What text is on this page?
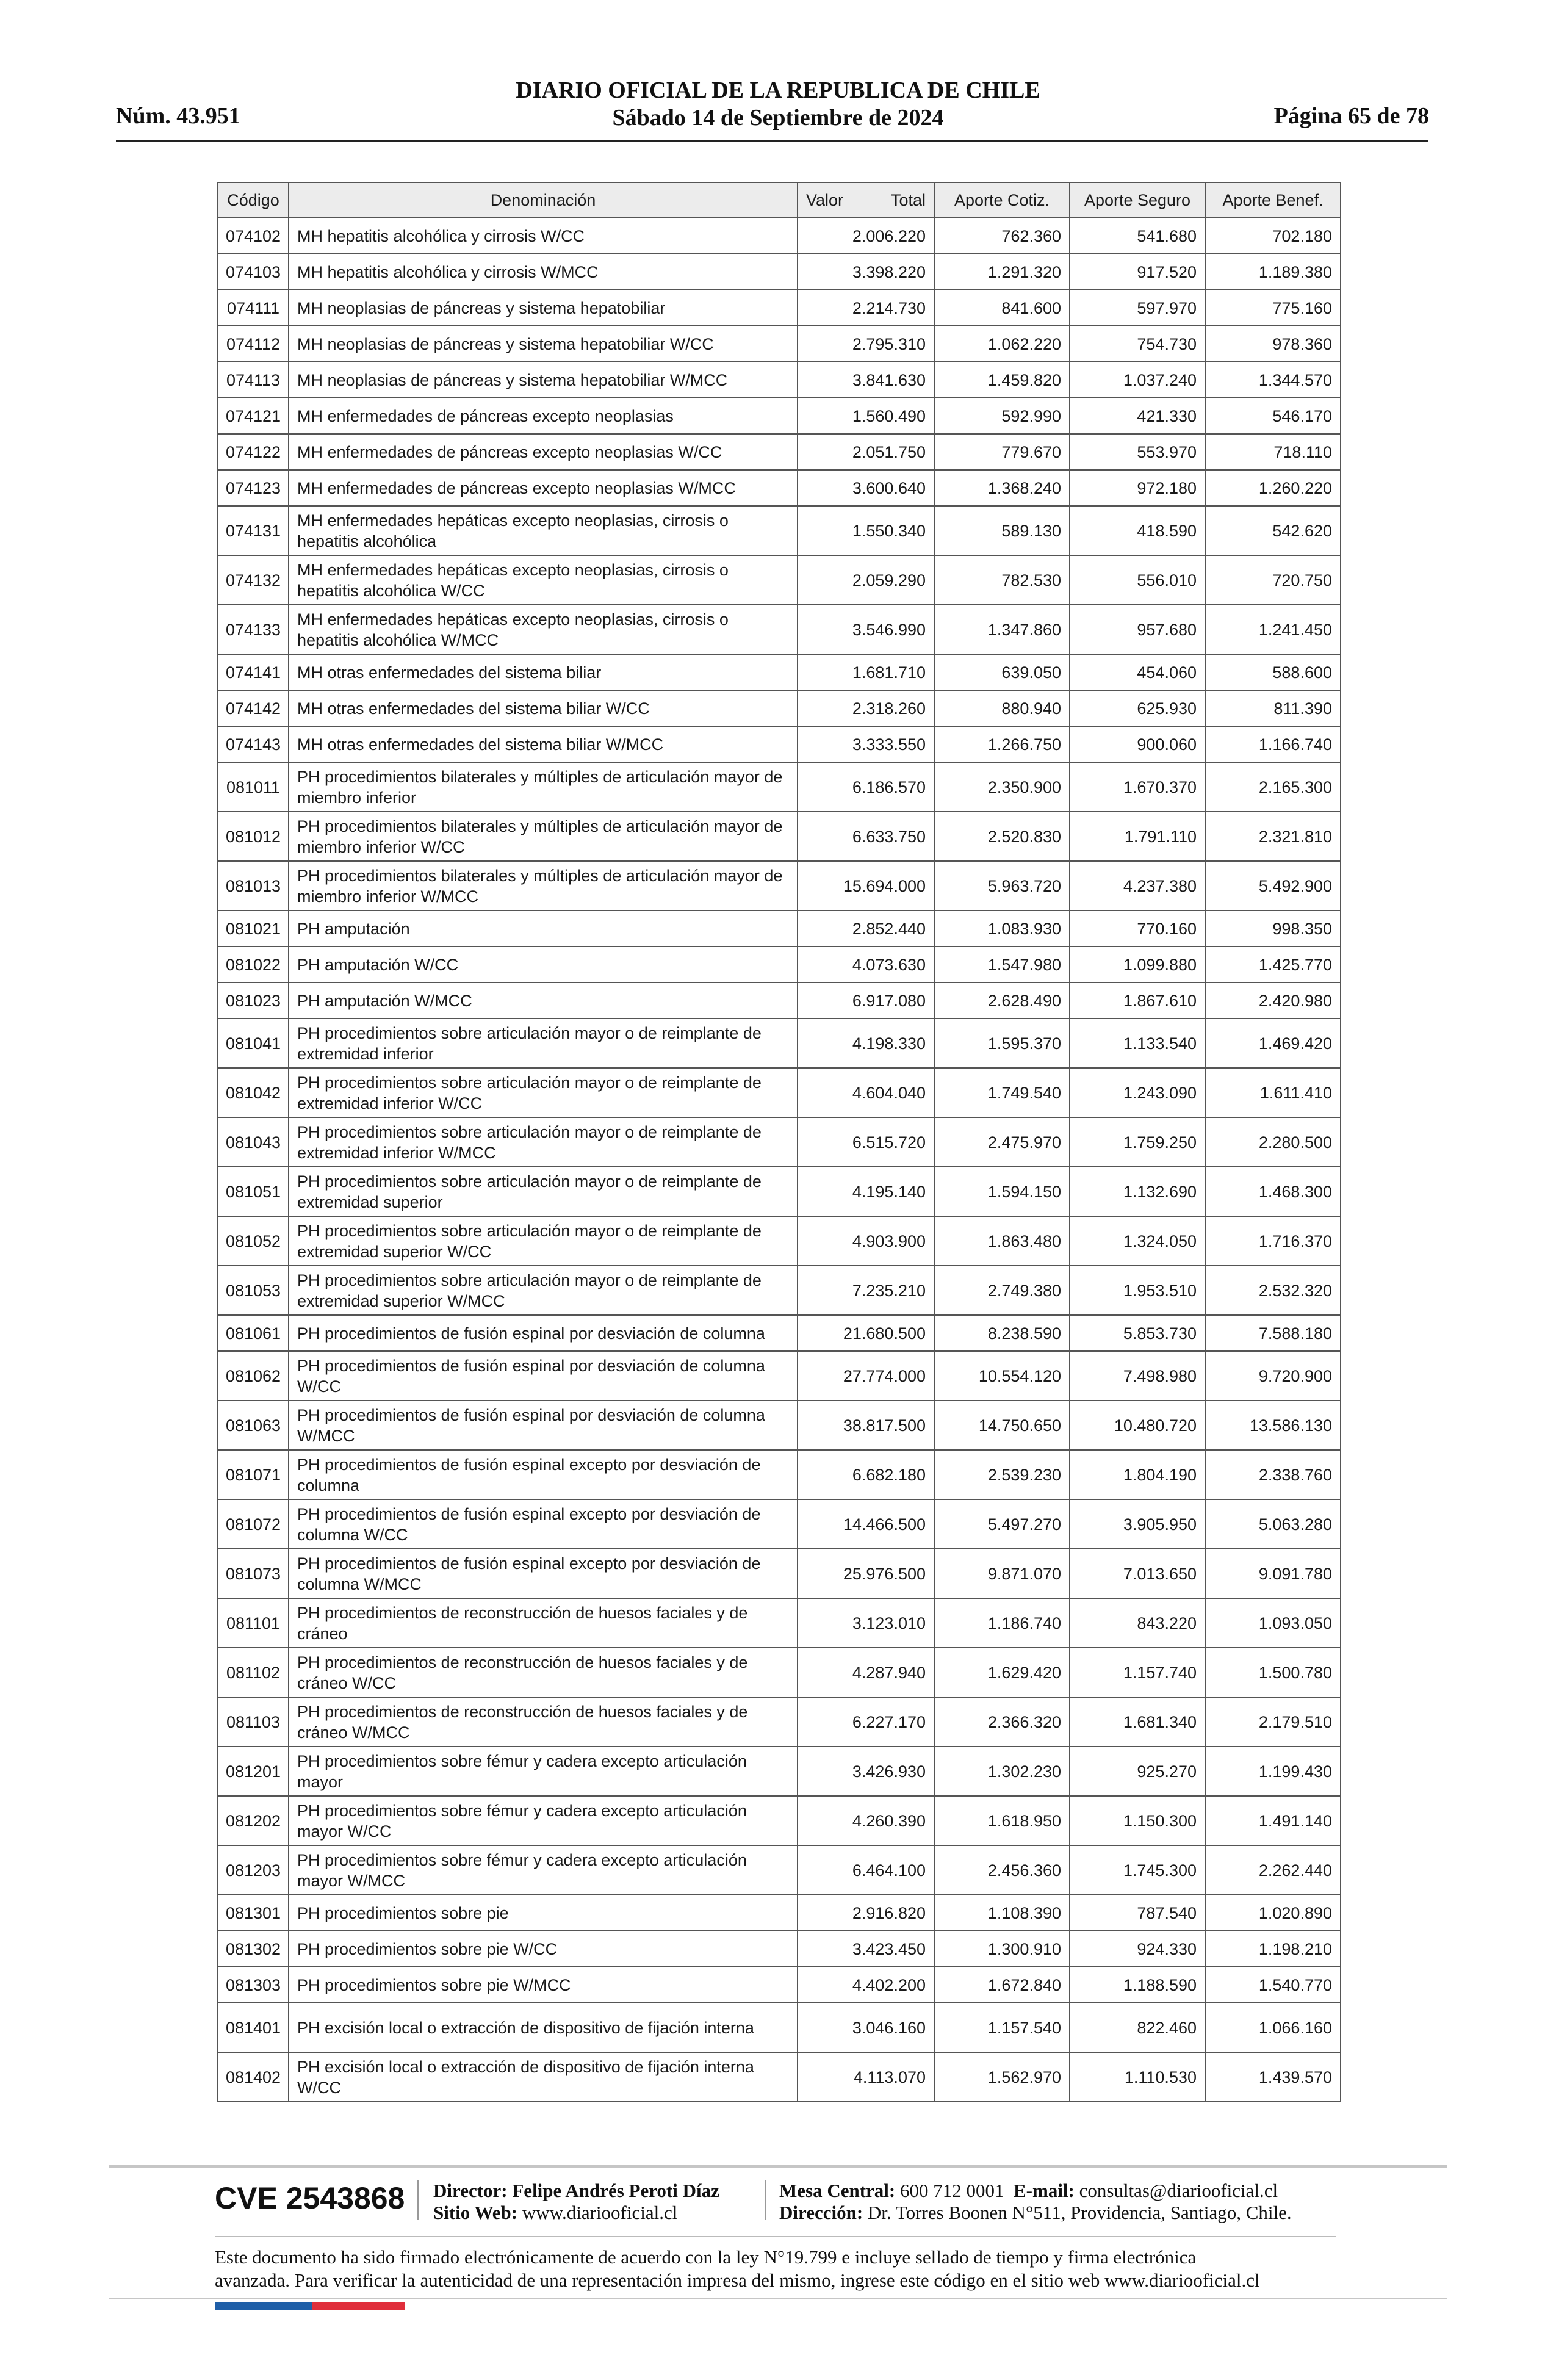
Núm. 43.951
DIARIO OFICIAL DE LA REPUBLICA DE CHILE
Sábado 14 de Septiembre de 2024	Página 65 de 78
Código	Denominación	Valor Total	Aporte Cotiz.	Aporte Seguro	Aporte Benef.
074102	MH hepatitis alcohólica y cirrosis W/CC	2.006.220	762.360	541.680	702.180
074103	MH hepatitis alcohólica y cirrosis W/MCC	3.398.220	1.291.320	917.520	1.189.380
074111	MH neoplasias de páncreas y sistema hepatobiliar	2.214.730	841.600	597.970	775.160
074112	MH neoplasias de páncreas y sistema hepatobiliar W/CC	2.795.310	1.062.220	754.730	978.360
074113	MH neoplasias de páncreas y sistema hepatobiliar W/MCC	3.841.630	1.459.820	1.037.240	1.344.570
074121	MH enfermedades de páncreas excepto neoplasias	1.560.490	592.990	421.330	546.170
074122	MH enfermedades de páncreas excepto neoplasias W/CC	2.051.750	779.670	553.970	718.110
074123	MH enfermedades de páncreas excepto neoplasias W/MCC	3.600.640	1.368.240	972.180	1.260.220
074131	MH enfermedades hepáticas excepto neoplasias, cirrosis o hepatitis alcohólica	1.550.340	589.130	418.590	542.620
074132	MH enfermedades hepáticas excepto neoplasias, cirrosis o hepatitis alcohólica W/CC	2.059.290	782.530	556.010	720.750
074133	MH enfermedades hepáticas excepto neoplasias, cirrosis o hepatitis alcohólica W/MCC	3.546.990	1.347.860	957.680	1.241.450
074141	MH otras enfermedades del sistema biliar	1.681.710	639.050	454.060	588.600
074142	MH otras enfermedades del sistema biliar W/CC	2.318.260	880.940	625.930	811.390
074143	MH otras enfermedades del sistema biliar W/MCC	3.333.550	1.266.750	900.060	1.166.740
081011	PH procedimientos bilaterales y múltiples de articulación mayor de miembro inferior	6.186.570	2.350.900	1.670.370	2.165.300
081012	PH procedimientos bilaterales y múltiples de articulación mayor de miembro inferior W/CC	6.633.750	2.520.830	1.791.110	2.321.810
081013	PH procedimientos bilaterales y múltiples de articulación mayor de miembro inferior W/MCC	15.694.000	5.963.720	4.237.380	5.492.900
081021	PH amputación	2.852.440	1.083.930	770.160	998.350
081022	PH amputación W/CC	4.073.630	1.547.980	1.099.880	1.425.770
081023	PH amputación W/MCC	6.917.080	2.628.490	1.867.610	2.420.980
081041	PH procedimientos sobre articulación mayor o de reimplante de extremidad inferior	4.198.330	1.595.370	1.133.540	1.469.420
081042	PH procedimientos sobre articulación mayor o de reimplante de extremidad inferior W/CC	4.604.040	1.749.540	1.243.090	1.611.410
081043	PH procedimientos sobre articulación mayor o de reimplante de extremidad inferior W/MCC	6.515.720	2.475.970	1.759.250	2.280.500
081051	PH procedimientos sobre articulación mayor o de reimplante de extremidad superior	4.195.140	1.594.150	1.132.690	1.468.300
081052	PH procedimientos sobre articulación mayor o de reimplante de extremidad superior W/CC	4.903.900	1.863.480	1.324.050	1.716.370
081053	PH procedimientos sobre articulación mayor o de reimplante de extremidad superior W/MCC	7.235.210	2.749.380	1.953.510	2.532.320
081061	PH procedimientos de fusión espinal por desviación de columna	21.680.500	8.238.590	5.853.730	7.588.180
081062	PH procedimientos de fusión espinal por desviación de columna W/CC	27.774.000	10.554.120	7.498.980	9.720.900
081063	PH procedimientos de fusión espinal por desviación de columna W/MCC	38.817.500	14.750.650	10.480.720	13.586.130
081071	PH procedimientos de fusión espinal excepto por desviación de columna	6.682.180	2.539.230	1.804.190	2.338.760
081072	PH procedimientos de fusión espinal excepto por desviación de columna W/CC	14.466.500	5.497.270	3.905.950	5.063.280
081073	PH procedimientos de fusión espinal excepto por desviación de columna W/MCC	25.976.500	9.871.070	7.013.650	9.091.780
081101	PH procedimientos de reconstrucción de huesos faciales y de cráneo	3.123.010	1.186.740	843.220	1.093.050
081102	PH procedimientos de reconstrucción de huesos faciales y de cráneo W/CC	4.287.940	1.629.420	1.157.740	1.500.780
081103	PH procedimientos de reconstrucción de huesos faciales y de cráneo W/MCC	6.227.170	2.366.320	1.681.340	2.179.510
081201	PH procedimientos sobre fémur y cadera excepto articulación mayor	3.426.930	1.302.230	925.270	1.199.430
081202	PH procedimientos sobre fémur y cadera excepto articulación mayor W/CC	4.260.390	1.618.950	1.150.300	1.491.140
081203	PH procedimientos sobre fémur y cadera excepto articulación mayor W/MCC	6.464.100	2.456.360	1.745.300	2.262.440
081301	PH procedimientos sobre pie	2.916.820	1.108.390	787.540	1.020.890
081302	PH procedimientos sobre pie W/CC	3.423.450	1.300.910	924.330	1.198.210
081303	PH procedimientos sobre pie W/MCC	4.402.200	1.672.840	1.188.590	1.540.770
081401	PH excisión local o extracción de dispositivo de fijación interna	3.046.160	1.157.540	822.460	1.066.160
081402	PH excisión local o extracción de dispositivo de fijación interna W/CC	4.113.070	1.562.970	1.110.530	1.439.570
CVE 2543868 Director: Felipe Andrés Peroti Díaz
Sitio Web: www.diariooficial.cl
Mesa Central: 600 712 0001 E-mail: consultas@diariooficial.cl
Dirección: Dr. Torres Boonen N°511, Providencia, Santiago, Chile.
Este documento ha sido firmado electrónicamente de acuerdo con la ley N°19.799 e incluye sellado de tiempo y firma electrónica
avanzada. Para verificar la autenticidad de una representación impresa del mismo, ingrese este código en el sitio web www.diariooficial.cl
